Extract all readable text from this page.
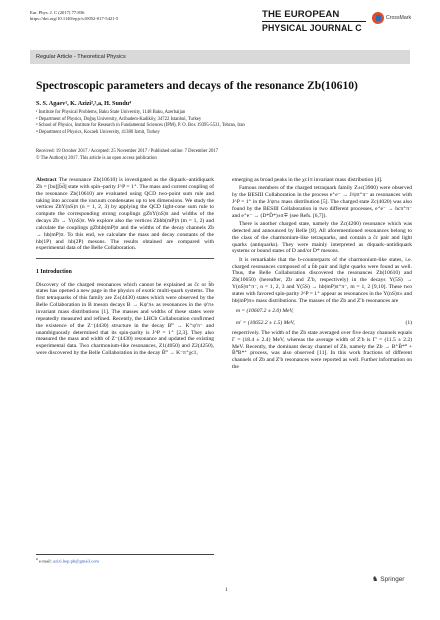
Eur. Phys. J. C (2017) 77:836
https://doi.org/10.1140/epjc/s10052-017-5421-5	THE EUROPEAN
PHYSICAL JOURNAL C
CrossMark
Regular Article - Theoretical Physics
Spectroscopic parameters and decays of the resonance Zb(10610)
S. S. Agaev¹, K. Azizi²,³,a, H. Sundu⁴
¹ Institute for Physical Problems, Baku State University, 1148 Baku, Azerbaijan
² Department of Physics, Doğuş University, Acibadem-Kadiköy, 34722 Istanbul, Turkey
³ School of Physics, Institute for Research in Fundamental Sciences (IPM), P. O. Box 19395-5531, Tehran, Iran
⁴ Department of Physics, Kocaeli University, 41380 Izmit, Turkey
Received: 19 October 2017 / Accepted: 25 November 2017 / Published online: 7 December 2017
© The Author(s) 2017. This article is an open access publication

Abstract The resonance Zb(10610) is investigated as the diquark–antidiquark Zb = [bu][b̄d̄] state with spin–parity J^P = 1⁺. The mass and current coupling of the resonance Zb(10610) are evaluated using QCD two-point sum rule and taking into account the vacuum condensates up to ten dimensions. We study the vertices ZbΥ(nS)π (n = 1, 2, 3) by applying the QCD light-cone sum rule to compute the corresponding strong couplings gZbΥ(nS)π and widths of the decays Zb → Υ(nS)π. We explore also the vertices Zbhb(mP)π (m = 1, 2) and calculate the couplings gZbhb(mP)π and the widths of the decay channels Zb → hb(mP)π. To this end, we calculate the mass and decay constants of the hb(1P) and hb(2P) mesons. The results obtained are compared with experimental data of the Belle Collaboration.

1 Introduction

Discovery of the charged resonances which cannot be explained as c̄c or b̄b states has opened a new page in the physics of exotic multi-quark systems. The first tetraquarks of this family are Z±(4430) states which were observed by the Belle Collaboration in B meson decays B → Kψ′π± as resonances in the ψ′π± invariant mass distributions [1]. The masses and widths of these states were repeatedly measured and refined. Recently, the LHCb Collaboration confirmed the existence of the Z⁻(4430) structure in the decay B⁰ → K⁺ψ′π⁻ and unambiguously determined that its spin-parity is J^P = 1⁺ [2,3]. They also measured the mass and width of Z⁻(4430) resonance and updated the existing experimental data. Two charmonium-like resonances, Z1(4050) and Z2(4250), were discovered by the Belle Collaboration in the decay B̄⁰ → K⁻π⁺χc1,

$^a$ e-mail: azizi.hep.ph@gmail.com

emerging as broad peaks in the χc1π invariant mass distribution [4].

Famous members of the charged tetraquark family Z±c(3900) were observed by the BESIII Collaboration in the process e⁺e⁻ → J/ψπ⁺π⁻ as resonances with J^P = 1⁺ in the J/ψπ± mass distribution [5]. The charged state Zc(4020) was also found by the BESIII Collaboration in two different processes, e⁺e⁻ → hcπ⁺π⁻ and e⁺e⁻ → (D*D̄*)±π∓ (see Refs. [6,7]).

There is another charged state, namely the Zc(4200) resonance which was detected and announced by Belle [8]. All aforementioned resonances belong to the class of the charmonium-like tetraquarks, and contain a c̄c pair and light quarks (antiquarks). They were mainly interpreted as diquark–antidiquark systems or bound states of D and/or D* mesons.

It is remarkable that the b-counterparts of the charmonium-like states, i.e. charged resonances composed of a b̄b pair and light quarks were found as well. Thus, the Belle Collaboration discovered the resonances Zb(10610) and Zb(10650) (hereafter, Zb and Z′b, respectively) in the decays Υ(5S) → Υ(nS)π⁺π⁻, n = 1, 2, 3 and Υ(5S) → hb(mP)π⁺π⁻, m = 1, 2 [9,10]. These two states with favored spin-parity J^P = 1⁺ appear as resonances in the Υ(nS)π± and hb(mP)π± mass distributions. The masses of the Zb and Z′b resonances are

m = (10607.2 ± 2.0) MeV,
m′ = (10652.2 ± 1.5) MeV,	(1)

respectively. The width of the Zb state averaged over five decay channels equals Γ = (18.4 ± 2.4) MeV, whereas the average width of Z′b is Γ′ = (11.5 ± 2.2) MeV. Recently, the dominant decay channel of Zb, namely the Zb → B⁺B̄*⁰ + B̄⁰B*⁺ process, was also observed [11]. In this work fractions of different channels of Zb and Z′b resonances were reported as well. Further information on the

♞ Springer
1
